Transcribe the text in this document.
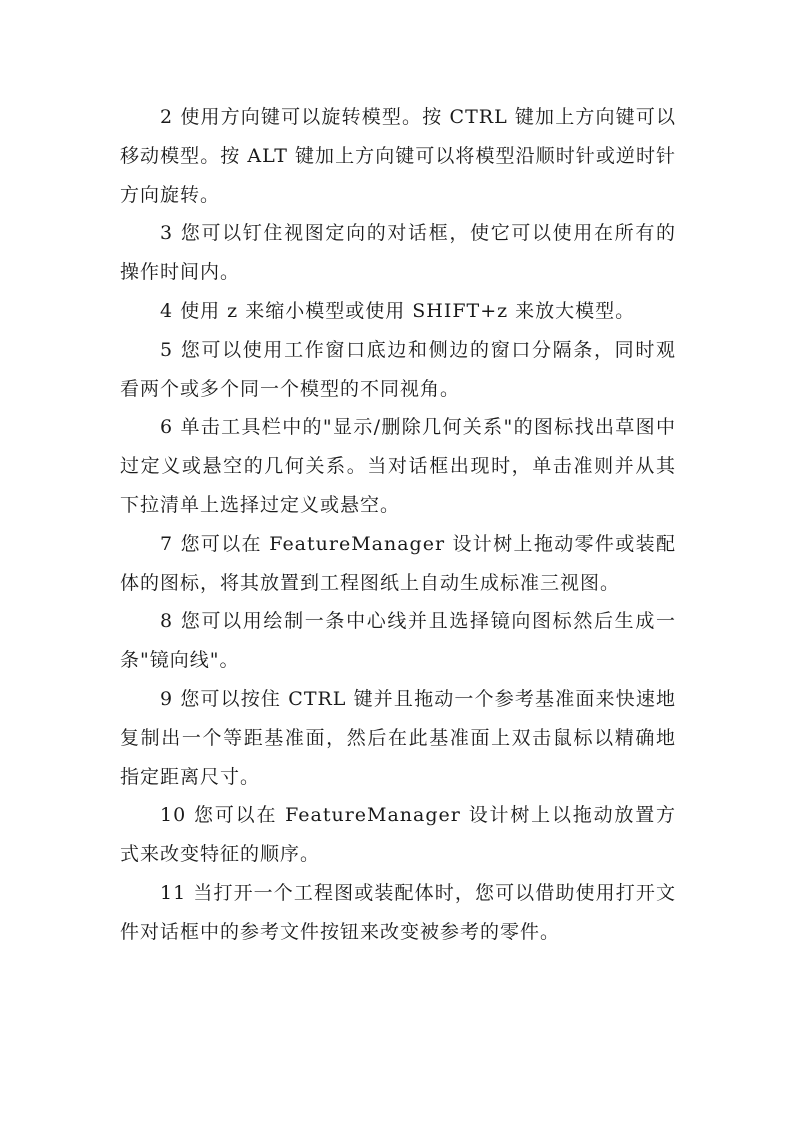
2 使用方向键可以旋转模型。按 CTRL 键加上方向键可以移动模型。按 ALT 键加上方向键可以将模型沿顺时针或逆时针方向旋转。

3 您可以钉住视图定向的对话框，使它可以使用在所有的操作时间内。

4 使用 z 来缩小模型或使用 SHIFT+z 来放大模型。

5 您可以使用工作窗口底边和侧边的窗口分隔条，同时观看两个或多个同一个模型的不同视角。

6 单击工具栏中的"显示/删除几何关系"的图标找出草图中过定义或悬空的几何关系。当对话框出现时，单击准则并从其下拉清单上选择过定义或悬空。

7 您可以在 FeatureManager 设计树上拖动零件或装配体的图标，将其放置到工程图纸上自动生成标准三视图。

8 您可以用绘制一条中心线并且选择镜向图标然后生成一条"镜向线"。

9 您可以按住 CTRL 键并且拖动一个参考基准面来快速地复制出一个等距基准面，然后在此基准面上双击鼠标以精确地指定距离尺寸。

10 您可以在 FeatureManager 设计树上以拖动放置方式来改变特征的顺序。

11 当打开一个工程图或装配体时，您可以借助使用打开文件对话框中的参考文件按钮来改变被参考的零件。
